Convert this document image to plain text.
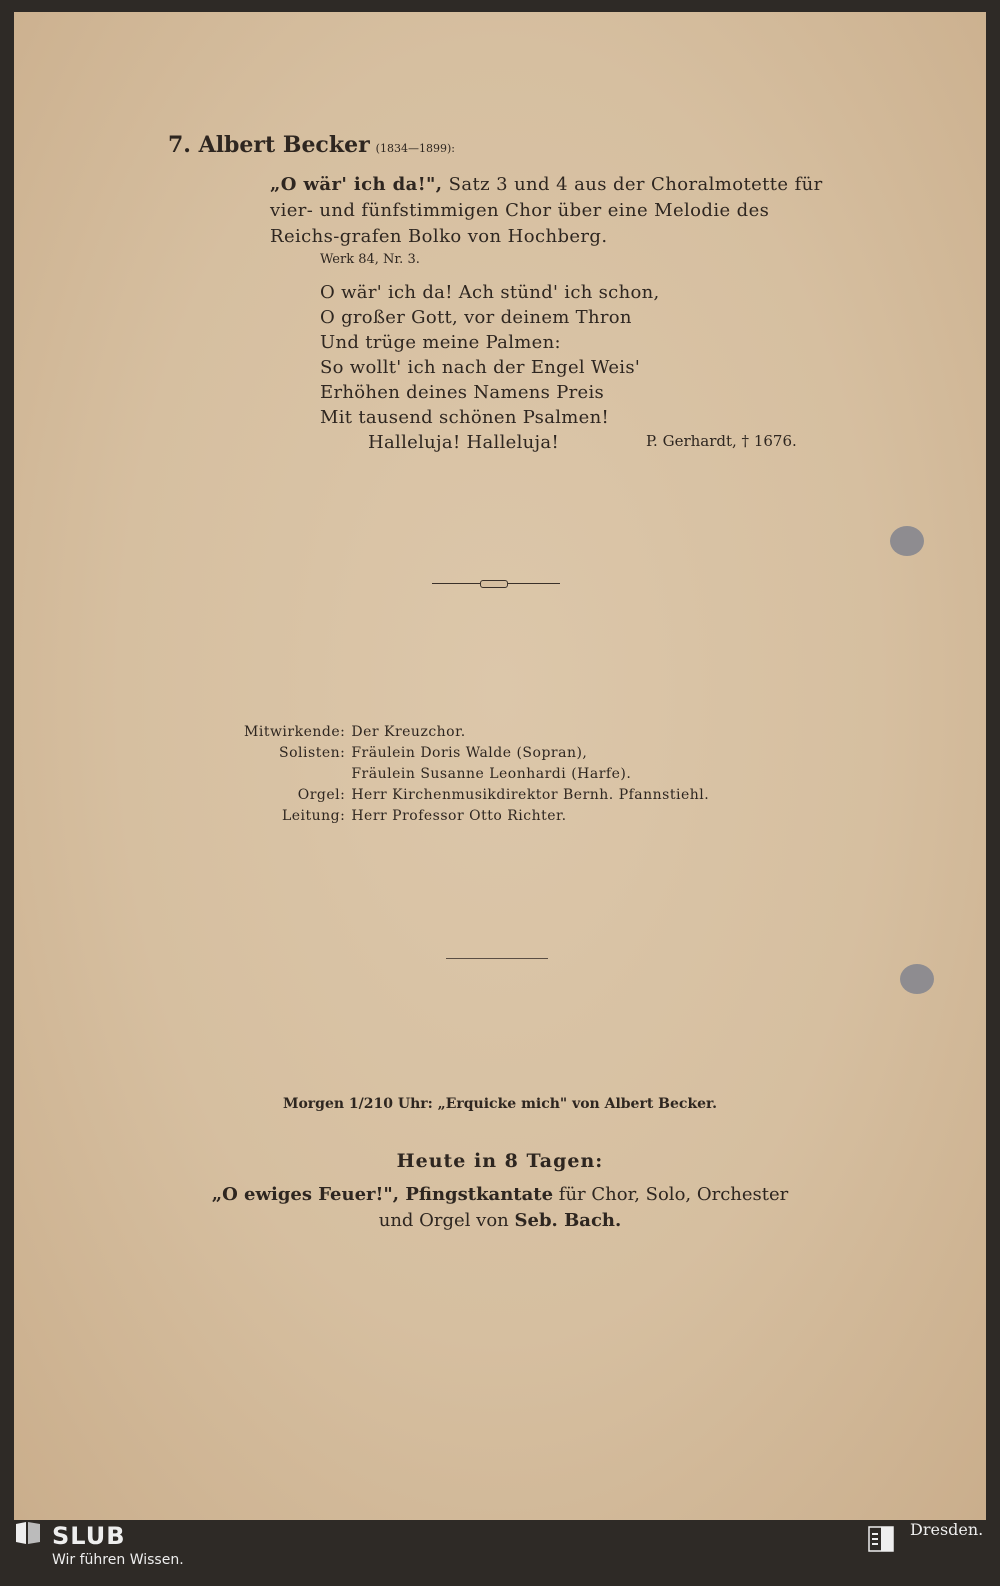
7. Albert Becker (1834—1899):
„O wär' ich da!", Satz 3 und 4 aus der Choralmotette für vier- und fünfstimmigen Chor über eine Melodie des Reichs-grafen Bolko von Hochberg.
Werk 84, Nr. 3.
O wär' ich da! Ach stünd' ich schon,
O großer Gott, vor deinem Thron
Und trüge meine Palmen:
So wollt' ich nach der Engel Weis'
Erhöhen deines Namens Preis
Mit tausend schönen Psalmen!
Halleluja! Halleluja!	P. Gerhardt, † 1676.
Mitwirkende:	Der Kreuzchor.
Solisten:	Fräulein Doris Walde (Sopran),
	Fräulein Susanne Leonhardi (Harfe).
Orgel:	Herr Kirchenmusikdirektor Bernh. Pfannstiehl.
Leitung:	Herr Professor Otto Richter.
Morgen 1/210 Uhr: „Erquicke mich" von Albert Becker.
Heute in 8 Tagen:
„O ewiges Feuer!", Pfingstkantate für Chor, Solo, Orchester
und Orgel von Seb. Bach.
SLUB
Wir führen Wissen.
Dresden.
